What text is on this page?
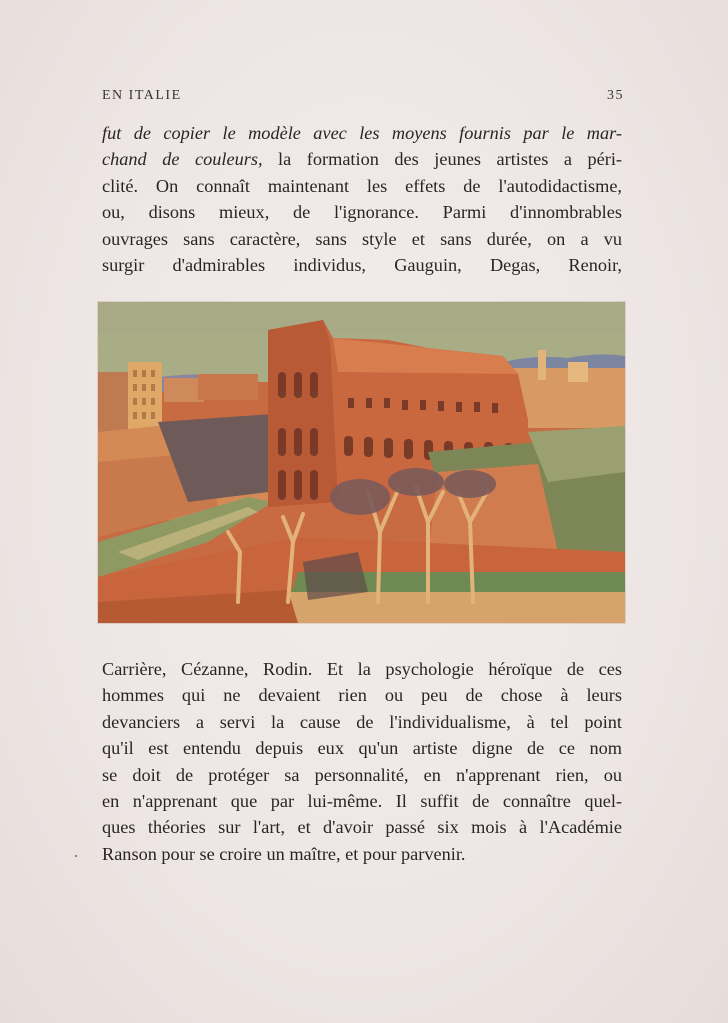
EN ITALIE	35
fut de copier le modèle avec les moyens fournis par le mar-
chand de couleurs, la formation des jeunes artistes a péri-
clité. On connaît maintenant les effets de l'autodidactisme,
ou, disons mieux, de l'ignorance. Parmi d'innombrables
ouvrages sans caractère, sans style et sans durée, on a vu
surgir d'admirables individus, Gauguin, Degas, Renoir,
Carrière, Cézanne, Rodin. Et la psychologie héroïque de ces
hommes qui ne devaient rien ou peu de chose à leurs
devanciers a servi la cause de l'individualisme, à tel point
qu'il est entendu depuis eux qu'un artiste digne de ce nom
se doit de protéger sa personnalité, en n'apprenant rien, ou
en n'apprenant que par lui-même. Il suffit de connaître quel-
ques théories sur l'art, et d'avoir passé six mois à l'Académie
Ranson pour se croire un maître, et pour parvenir.
